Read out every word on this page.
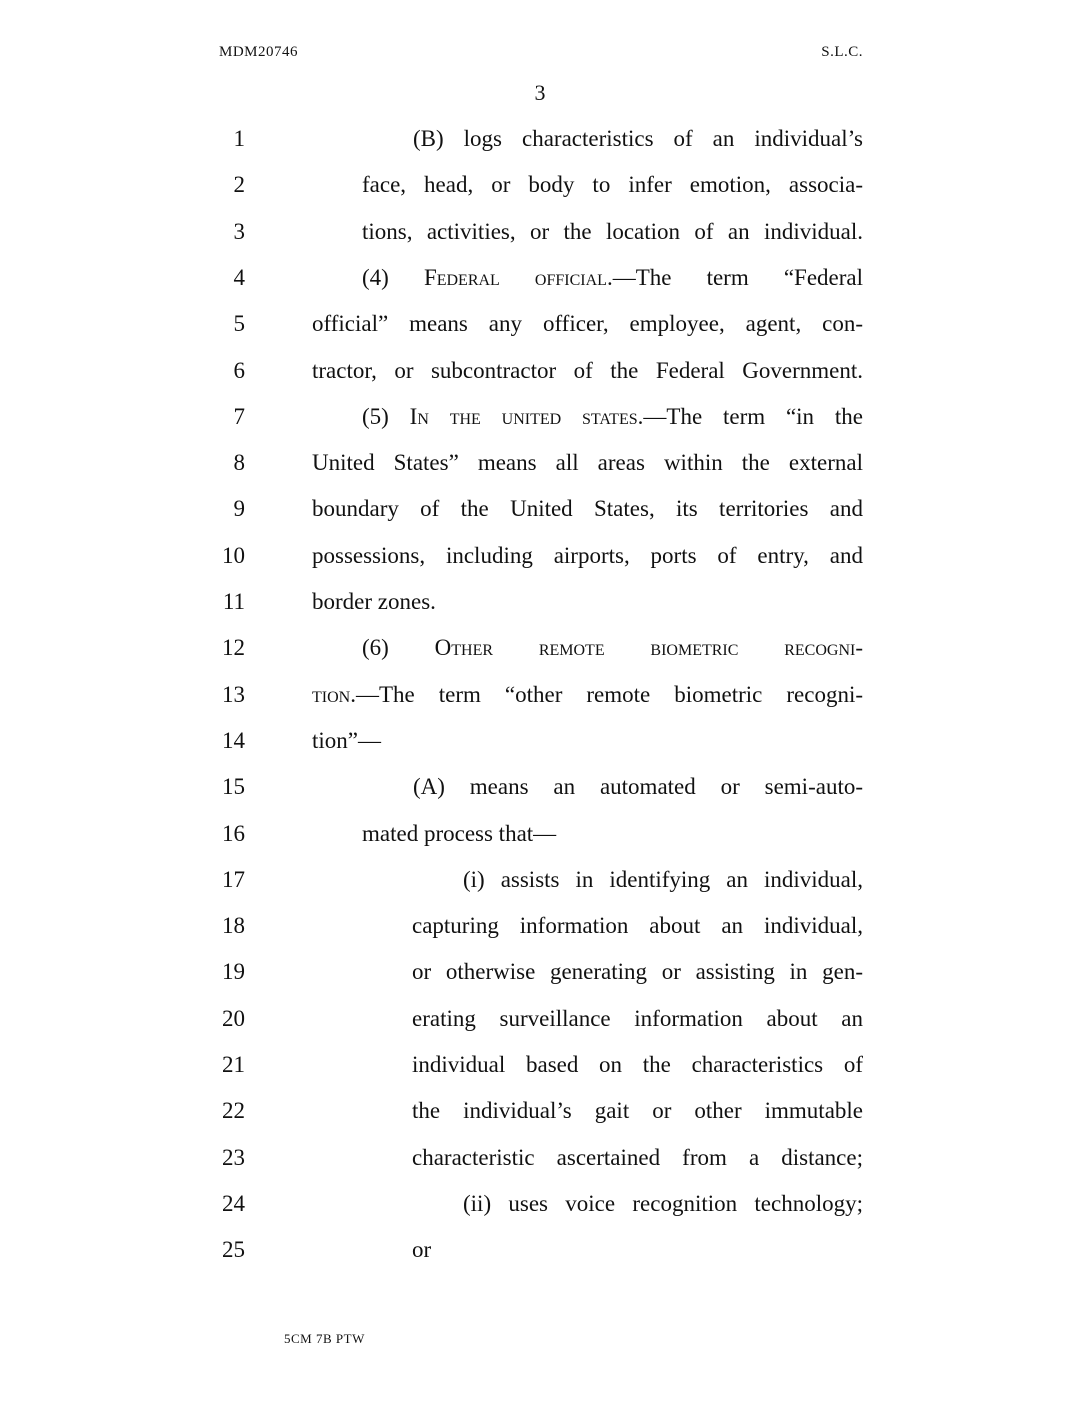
MDM20746	S.L.C.
3
1	(B) logs characteristics of an individual’s
2	face, head, or body to infer emotion, associa-
3	tions, activities, or the location of an individual.
4	(4) Federal official.—The term “Federal
5	official” means any officer, employee, agent, con-
6	tractor, or subcontractor of the Federal Government.
7	(5) In the united states.—The term “in the
8	United States” means all areas within the external
9	boundary of the United States, its territories and
10	possessions, including airports, ports of entry, and
11	border zones.
12	(6) Other remote biometric recogni-
13	tion.—The term “other remote biometric recogni-
14	tion”—
15	(A) means an automated or semi-auto-
16	mated process that—
17	(i) assists in identifying an individual,
18	capturing information about an individual,
19	or otherwise generating or assisting in gen-
20	erating surveillance information about an
21	individual based on the characteristics of
22	the individual’s gait or other immutable
23	characteristic ascertained from a distance;
24	(ii) uses voice recognition technology;
25	or
5CM 7B PTW
